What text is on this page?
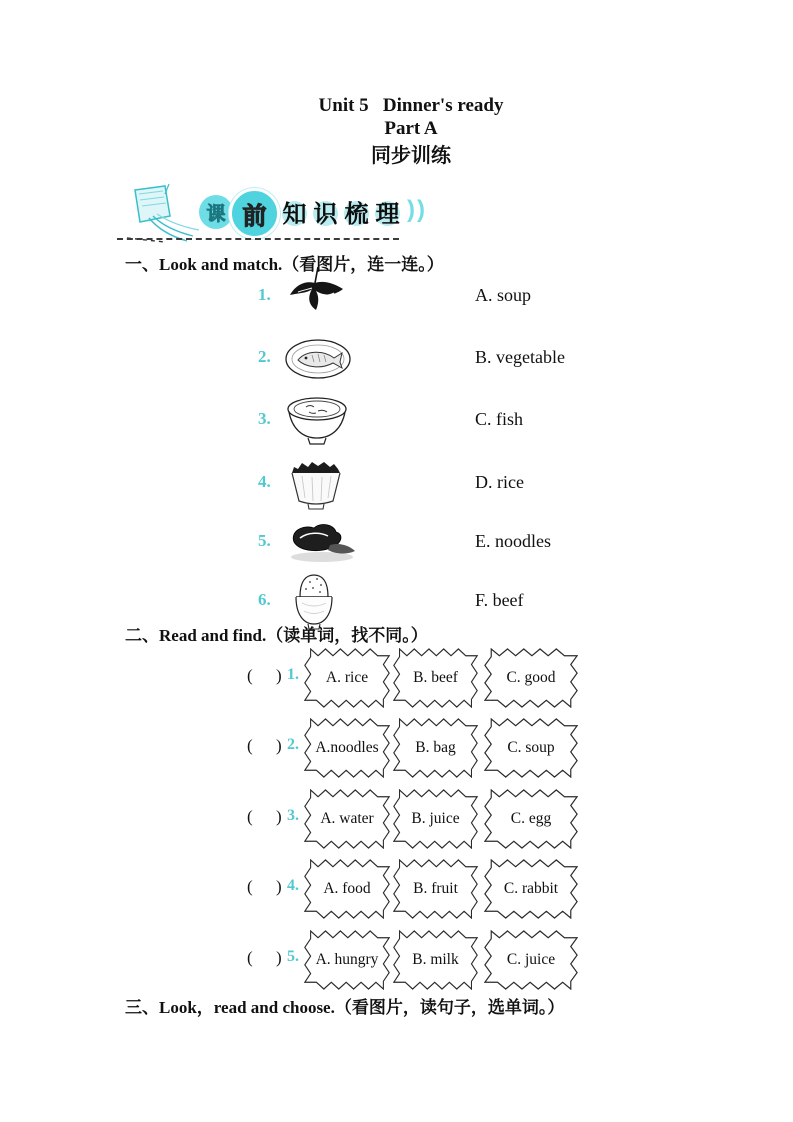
Unit 5   Dinner's ready
Part A
同步训练
课 前 知 识 梳 理 ))
一、Look and match.（看图片，连一连。）
1.	A. soup
2.	B. vegetable
3.	C. fish
4.	D. rice
5.	E. noodles
6.	F. beef
二、Read and find.（读单词，找不同。）
( ) 1.	A. rice	B. beef	C. good
( ) 2.	A.noodles	B. bag	C. soup
( ) 3.	A. water	B. juice	C. egg
( ) 4.	A. food	B. fruit	C. rabbit
( ) 5.	A. hungry	B. milk	C. juice
三、Look，read and choose.（看图片，读句子，选单词。）
